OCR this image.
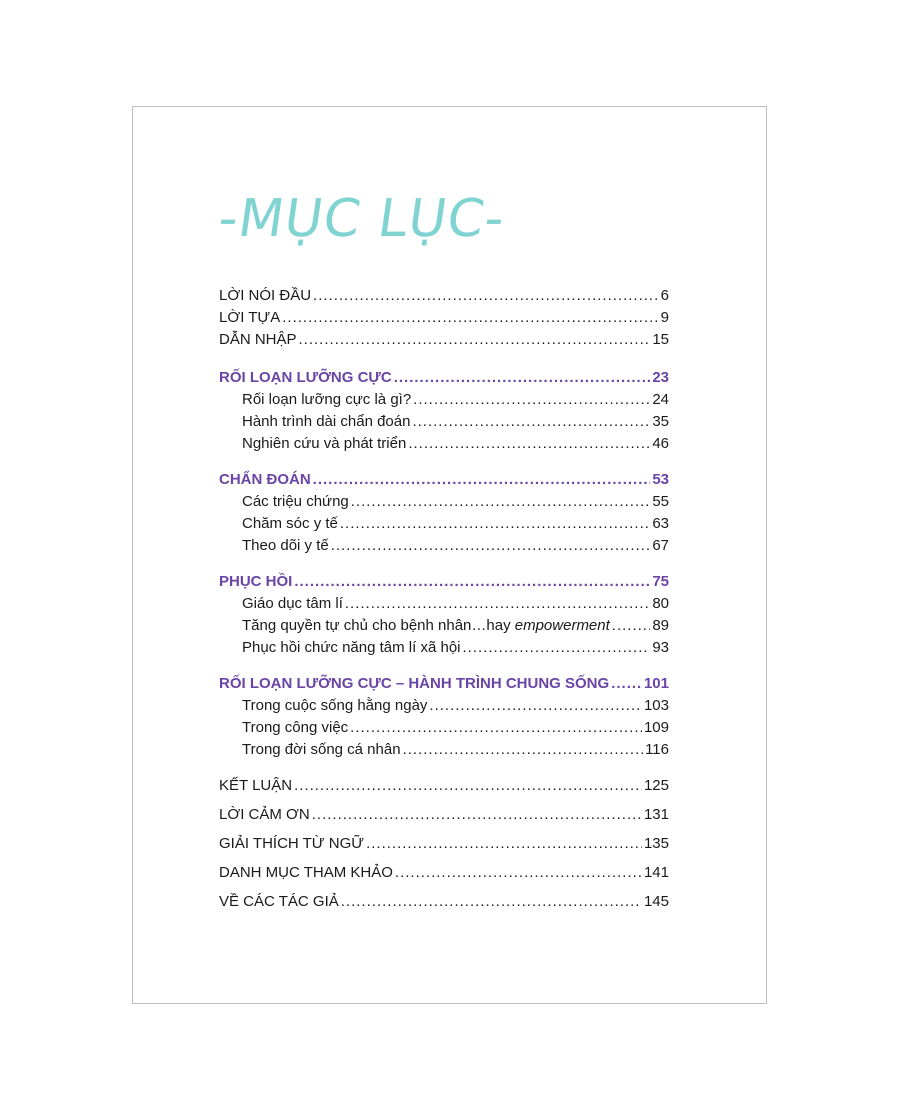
-MỤC LỤC-
LỜI NÓI ĐẦU .....	6
LỜI TỰA .....	9
DẪN NHẬP .....	15
RỐI LOẠN LƯỠNG CỰC .....	23
Rối loạn lưỡng cực là gì? .....	24
Hành trình dài chẩn đoán .....	35
Nghiên cứu và phát triển .....	46
CHẨN ĐOÁN .....	53
Các triệu chứng .....	55
Chăm sóc y tế .....	63
Theo dõi y tế .....	67
PHỤC HỒI .....	75
Giáo dục tâm lí .....	80
Tăng quyền tự chủ cho bệnh nhân…hay empowerment .....	89
Phục hồi chức năng tâm lí xã hội .....	93
RỐI LOẠN LƯỠNG CỰC – HÀNH TRÌNH CHUNG SỐNG ..... 101
Trong cuộc sống hằng ngày .....	103
Trong công việc .....	109
Trong đời sống cá nhân .....	116
KẾT LUẬN .....	125
LỜI CẢM ƠN .....	131
GIẢI THÍCH TỪ NGỮ .....	135
DANH MỤC THAM KHẢO .....	141
VỀ CÁC TÁC GIẢ .....	145
